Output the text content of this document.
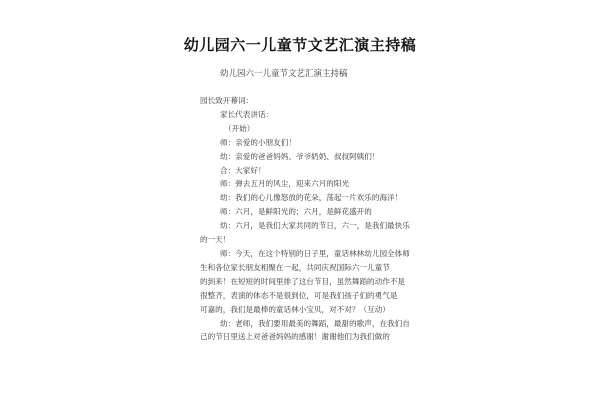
幼儿园六一儿童节文艺汇演主持稿
幼儿园六一儿童节文艺汇演主持稿
园长致开幕词：
家长代表讲话：
（开始）
师：亲爱的小朋友们！
幼：亲爱的爸爸妈妈、爷爷奶奶、叔叔阿姨们！
合：大家好！
师：弹去五月的风尘，迎来六月的阳光
幼：我们的心儿像怒放的花朵，荡起一片欢乐的海洋！
师：六月，是鲜阳光的；六月，是鲜花盛开的
幼：六月，是我们大家共同的节日，六一，是我们最快乐
的一天！
师：今天，在这个特别的日子里，童话林林幼儿园全体师
生和各位家长朋友相聚在一起，共同庆祝国际六一儿童节
的到来！在短短的时间里排了这台节目，虽然舞蹈的动作不是
很整齐，表演的体态不是很到位，可是我们孩子们的勇气是
可嘉的，我们是最棒的童话林小宝贝，对不对？（互动）
幼：老师，我们要用最美的舞蹈，最甜的歌声，在我们自
己的节日里送上对爸爸妈妈的感谢！谢谢他们为我们做的
